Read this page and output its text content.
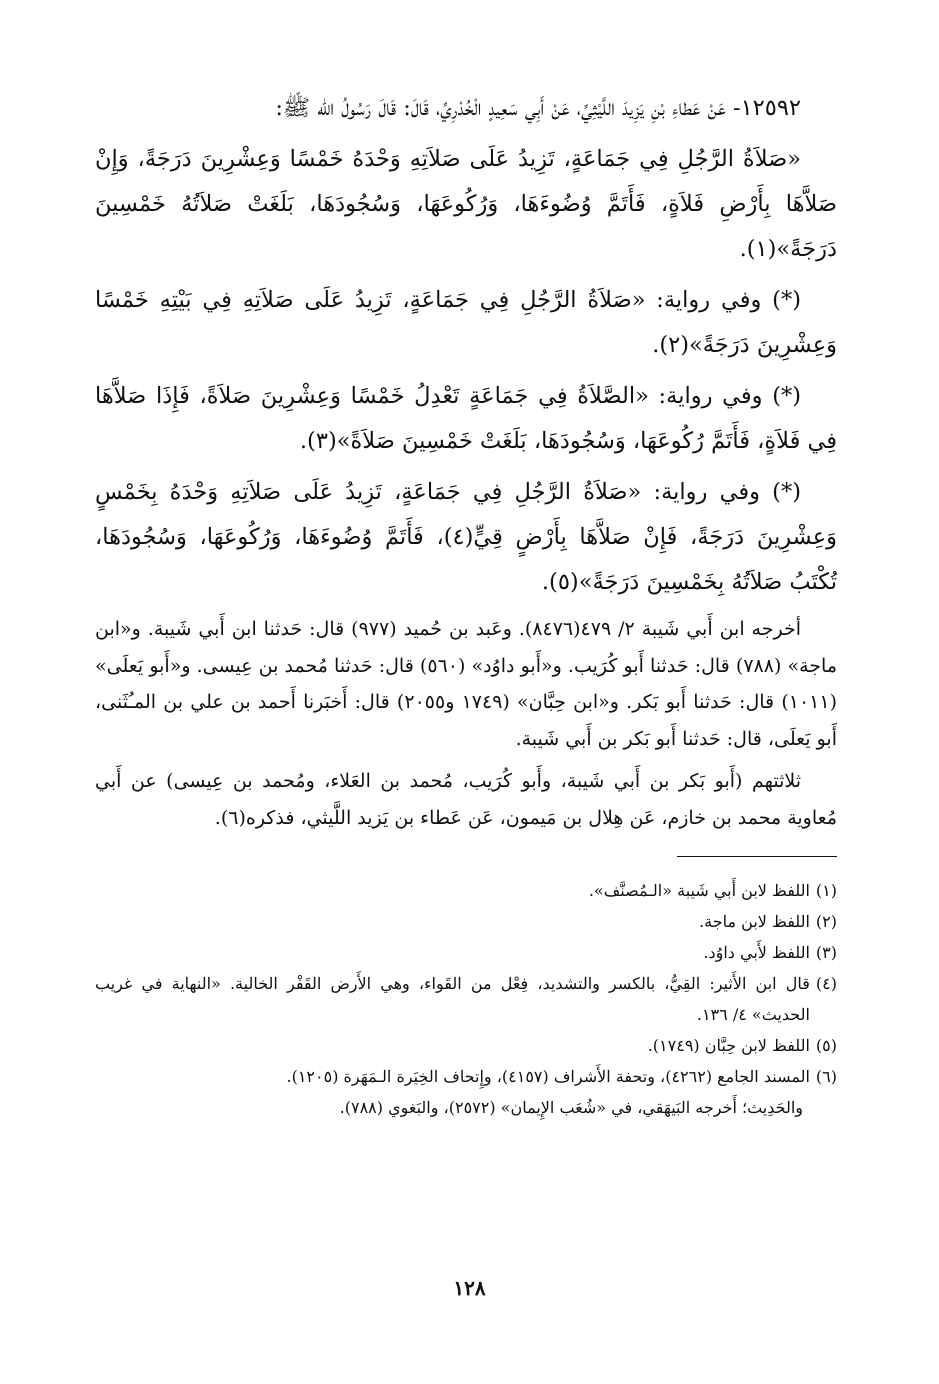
١٢٥٩٢- عَنْ عَطاءِ بْنِ يَزِيدَ اللَّيْثِيِّ، عَنْ أَبِي سَعِيدٍ الْخُدْرِيِّ، قَالَ: قَالَ رَسُولُ الله ﷺ:

«صَلاَةُ الرَّجُلِ فِي جَمَاعَةٍ، تَزِيدُ عَلَى صَلاَتِهِ وَحْدَهُ خَمْسًا وَعِشْرِينَ دَرَجَةً، وَإِنْ صَلاَّهَا بِأَرْضِ فَلاَةٍ، فَأَتَمَّ وُضُوءَهَا، وَرُكُوعَهَا، وَسُجُودَهَا، بَلَغَتْ صَلاَتُهُ خَمْسِينَ دَرَجَةً»(١).

(*) وفي رواية: «صَلاَةُ الرَّجُلِ فِي جَمَاعَةٍ، تَزِيدُ عَلَى صَلاَتِهِ فِي بَيْتِهِ خَمْسًا وَعِشْرِينَ دَرَجَةً»(٢).

(*) وفي رواية: «الصَّلاَةُ فِي جَمَاعَةٍ تَعْدِلُ خَمْسًا وَعِشْرِينَ صَلاَةً، فَإِذَا صَلاَّهَا فِي فَلاَةٍ، فَأَتَمَّ رُكُوعَهَا، وَسُجُودَهَا، بَلَغَتْ خَمْسِينَ صَلاَةً»(٣).

(*) وفي رواية: «صَلاَةُ الرَّجُلِ فِي جَمَاعَةٍ، تَزِيدُ عَلَى صَلاَتِهِ وَحْدَهُ بِخَمْسٍ وَعِشْرِينَ دَرَجَةً، فَإِنْ صَلاَّهَا بِأَرْضٍ قِيٍّ(٤)، فَأَتَمَّ وُضُوءَهَا، وَرُكُوعَهَا، وَسُجُودَهَا، تُكْتَبُ صَلاَتُهُ بِخَمْسِينَ دَرَجَةً»(٥).

أخرجه ابن أَبي شَيبة ٢/ ٤٧٩(٨٤٧٦). وعَبد بن حُميد (٩٧٧) قال: حَدثنا ابن أَبي شَيبة. و«ابن ماجة» (٧٨٨) قال: حَدثنا أَبو كُرَيب. و«أَبو داوُد» (٥٦٠) قال: حَدثنا مُحمد بن عِيسى. و«أَبو يَعلَى» (١٠١١) قال: حَدثنا أَبو بَكر. و«ابن حِبَّان» (١٧٤٩ و٢٠٥٥) قال: أَخبَرنا أَحمد بن علي بن المـُثَنى، أَبو يَعلَى، قال: حَدثنا أَبو بَكر بن أَبي شَيبة.

ثلاثتهم (أَبو بَكر بن أَبي شَيبة، وأَبو كُرَيب، مُحمد بن العَلاء، ومُحمد بن عِيسى) عن أَبي مُعاوية محمد بن خازم، عَن هِلال بن مَيمون، عَن عَطاء بن يَزيد اللَّيثي، فذكره(٦).

(١)
اللفظ لابن أَبي شَيبة «الـمُصنَّف».
(٢)
اللفظ لابن ماجة.
(٣)
اللفظ لأَبي داوُد.
(٤)
قال ابن الأَثير: القِيُّ، بالكسر والتشديد، فِعْل من القَواء، وهي الأَرض القَفْر الخالية. «النهاية في غريب الحديث» ٤/ ١٣٦.
(٥)
اللفظ لابن حِبَّان (١٧٤٩).
(٦)
المسند الجامع (٤٢٦٢)، وتحفة الأَشراف (٤١٥٧)، وإِتحاف الخِيَرة الـمَهَرة (١٢٠٥).
والحَدِيث؛ أَخرجه البَيهَقي، في «شُعَب الإِيمان» (٢٥٧٢)، والبَغوي (٧٨٨).
١٢٨
